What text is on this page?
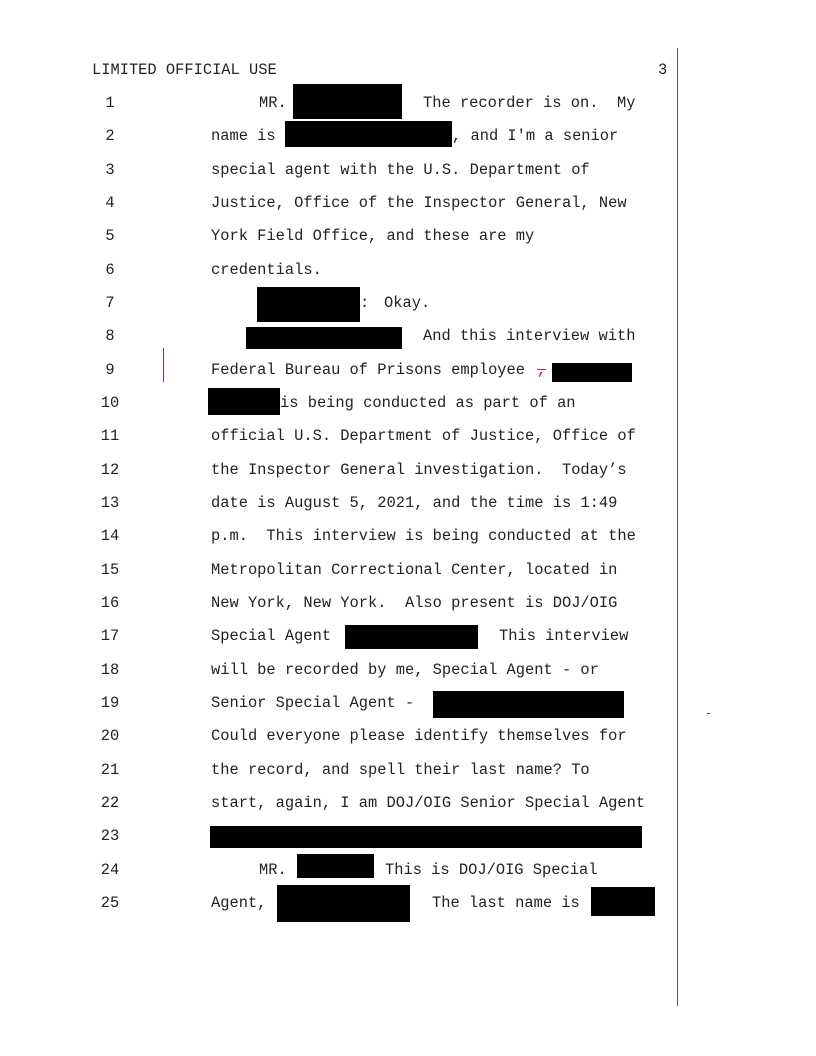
LIMITED OFFICIAL USE	3
1
2
3
4
5
6
7
8
9
10
11
12
13
14
15
16
17
18
19
20
21
22
23
24
25
MR.	The recorder is on.  My
name is	, and I'm a senior
special agent with the U.S. Department of
Justice, Office of the Inspector General, New
York Field Office, and these are my
credentials.
: Okay.
And this interview with
Federal Bureau of Prisons employee ,
is being conducted as part of an
official U.S. Department of Justice, Office of
the Inspector General investigation.  Today’s
date is August 5, 2021, and the time is 1:49
p.m.  This interview is being conducted at the
Metropolitan Correctional Center, located in
New York, New York.  Also present is DOJ/OIG
Special Agent	This interview
will be recorded by me, Special Agent - or
Senior Special Agent -
Could everyone please identify themselves for
the record, and spell their last name? To
start, again, I am DOJ/OIG Senior Special Agent
MR.	This is DOJ/OIG Special
Agent,	The last name is
